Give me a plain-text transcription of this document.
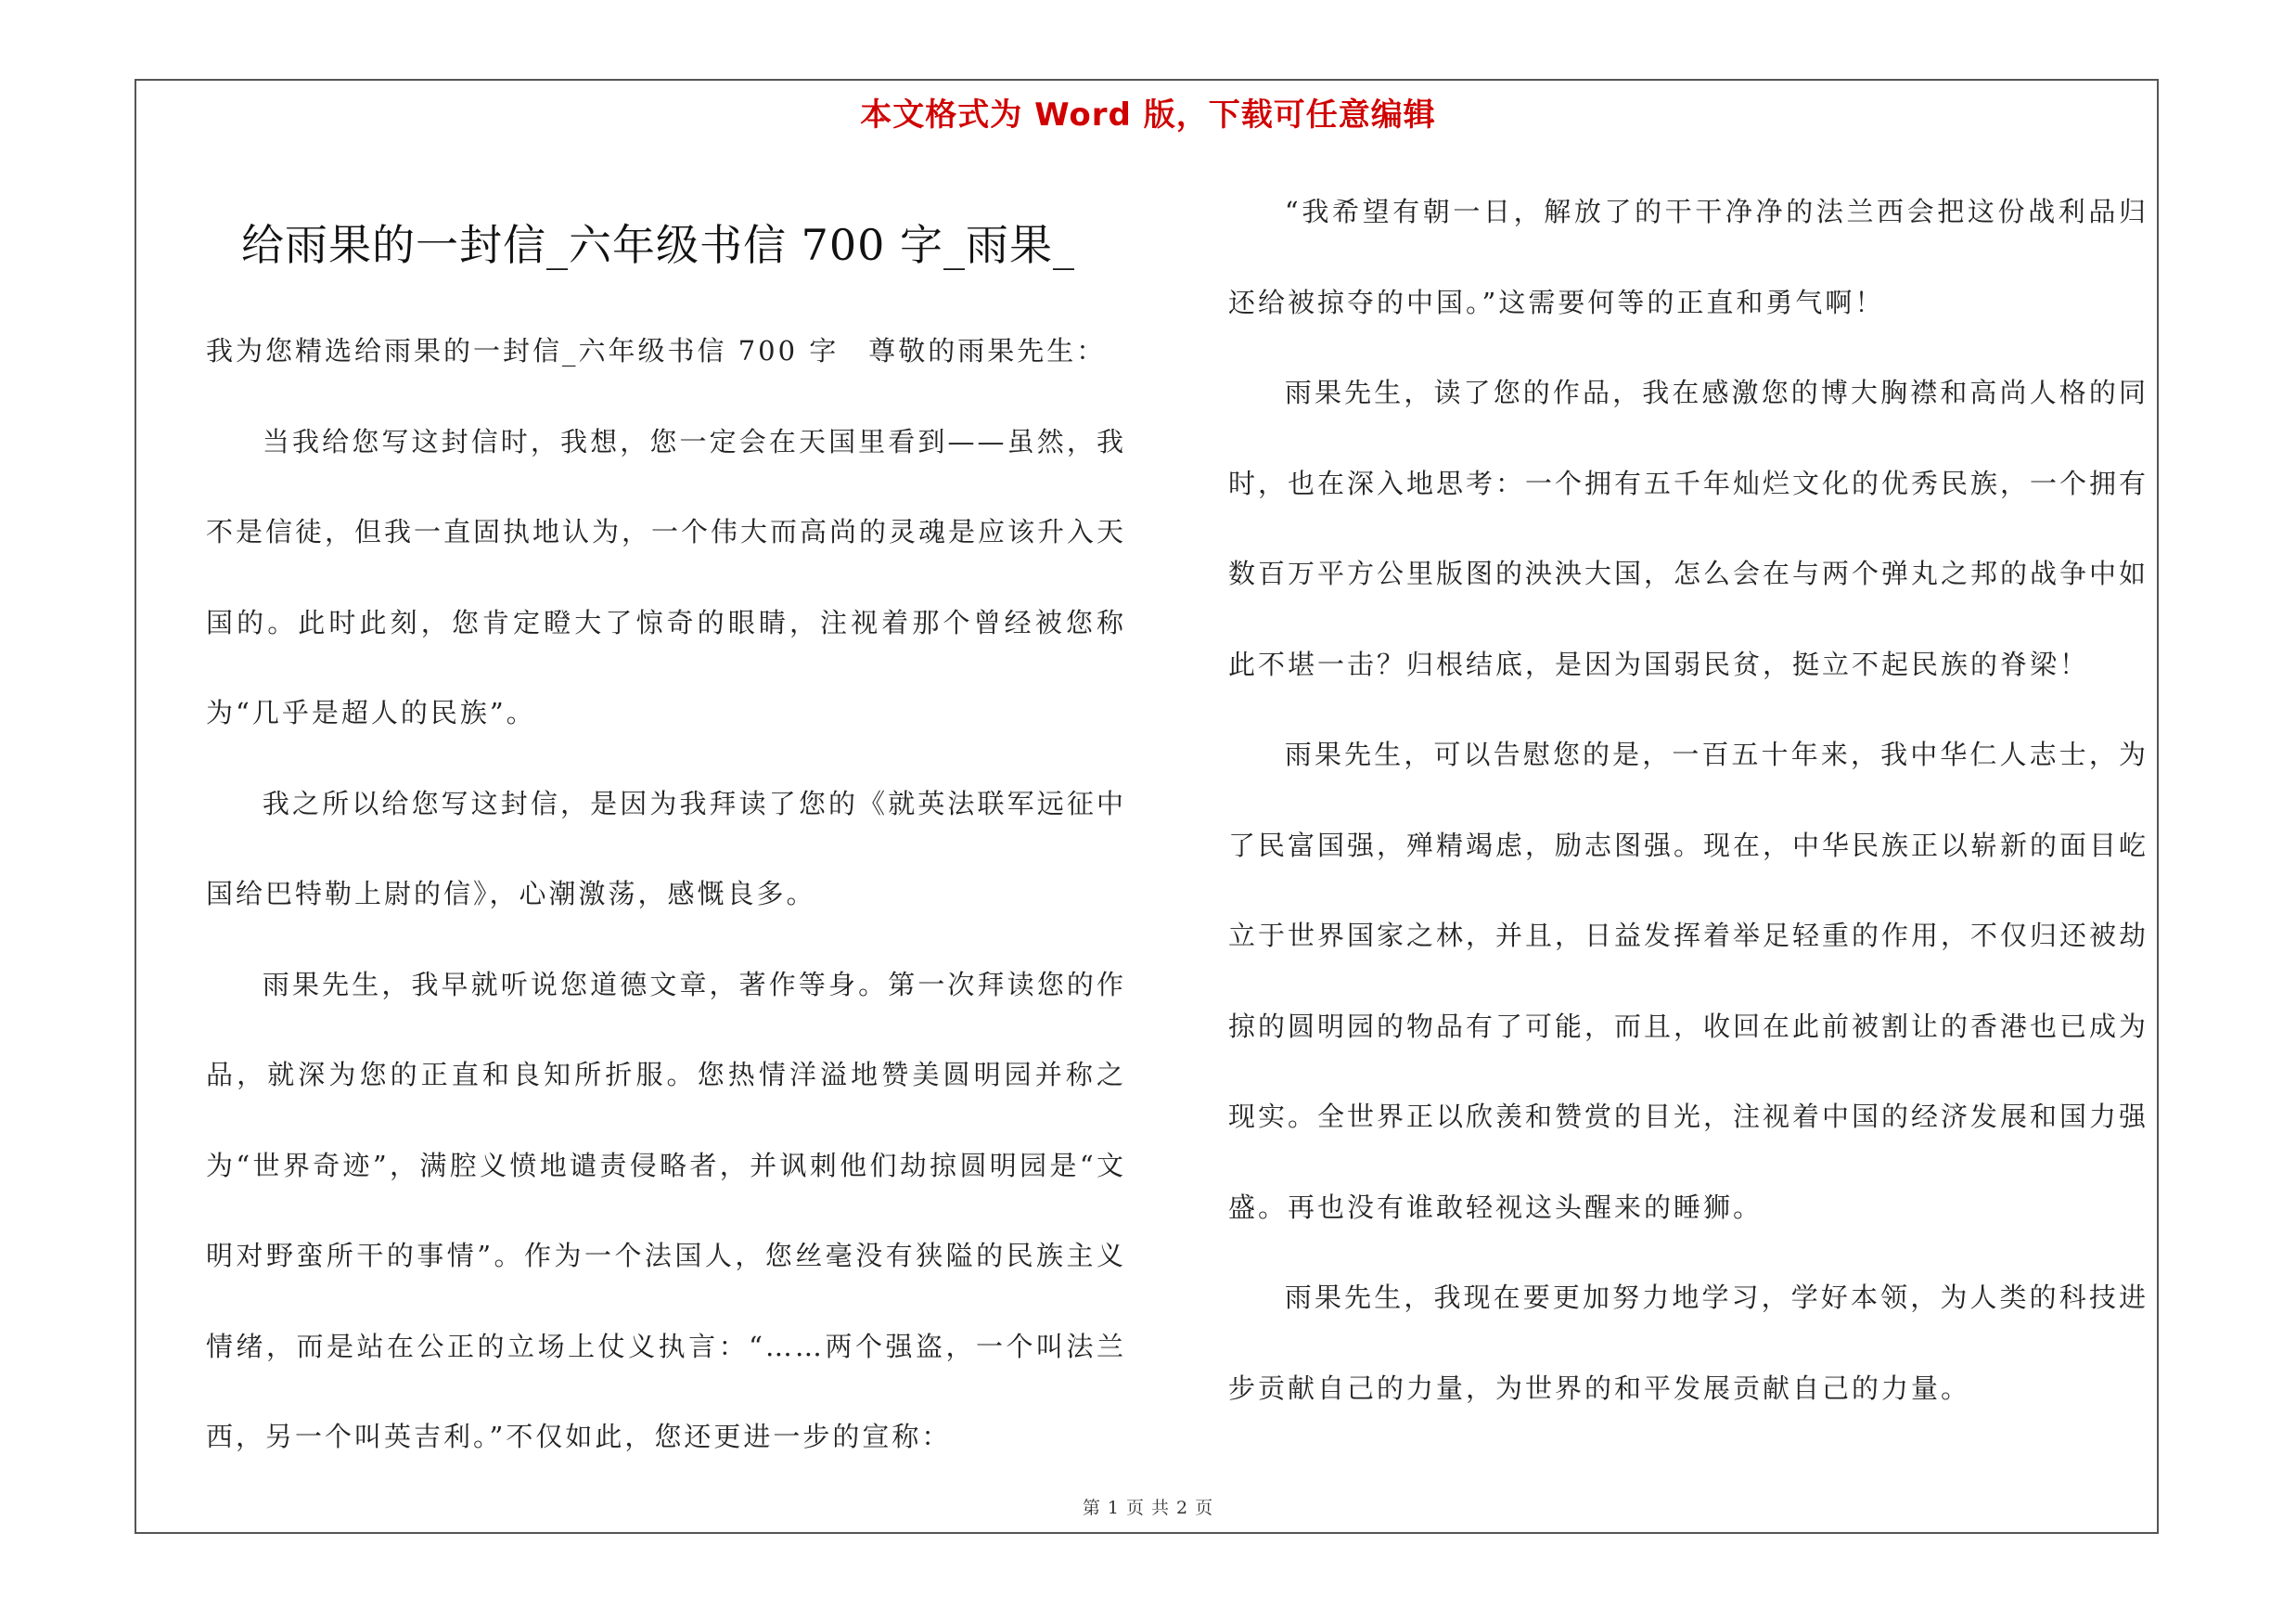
本文格式为 Word 版，下载可任意编辑
给雨果的一封信_六年级书信 700 字_雨果_

我为您精选给雨果的一封信_六年级书信 700 字　尊敬的雨果先生：

当我给您写这封信时，我想，您一定会在天国里看到——虽然，我不是信徒，但我一直固执地认为，一个伟大而高尚的灵魂是应该升入天国的。此时此刻，您肯定瞪大了惊奇的眼睛，注视着那个曾经被您称为“几乎是超人的民族”。

我之所以给您写这封信，是因为我拜读了您的《就英法联军远征中国给巴特勒上尉的信》，心潮激荡，感慨良多。

雨果先生，我早就听说您道德文章，著作等身。第一次拜读您的作品，就深为您的正直和良知所折服。您热情洋溢地赞美圆明园并称之为“世界奇迹”，满腔义愤地谴责侵略者，并讽刺他们劫掠圆明园是“文明对野蛮所干的事情”。作为一个法国人，您丝毫没有狭隘的民族主义情绪，而是站在公正的立场上仗义执言：“……两个强盗，一个叫法兰西，另一个叫英吉利。”不仅如此，您还更进一步的宣称：

“我希望有朝一日，解放了的干干净净的法兰西会把这份战利品归还给被掠夺的中国。”这需要何等的正直和勇气啊！

雨果先生，读了您的作品，我在感激您的博大胸襟和高尚人格的同时，也在深入地思考：一个拥有五千年灿烂文化的优秀民族，一个拥有数百万平方公里版图的泱泱大国，怎么会在与两个弹丸之邦的战争中如此不堪一击？归根结底，是因为国弱民贫，挺立不起民族的脊梁！

雨果先生，可以告慰您的是，一百五十年来，我中华仁人志士，为了民富国强，殚精竭虑，励志图强。现在，中华民族正以崭新的面目屹立于世界国家之林，并且，日益发挥着举足轻重的作用，不仅归还被劫掠的圆明园的物品有了可能，而且，收回在此前被割让的香港也已成为现实。全世界正以欣羡和赞赏的目光，注视着中国的经济发展和国力强盛。再也没有谁敢轻视这头醒来的睡狮。

雨果先生，我现在要更加努力地学习，学好本领，为人类的科技进步贡献自己的力量，为世界的和平发展贡献自己的力量。

第 1 页 共 2 页
